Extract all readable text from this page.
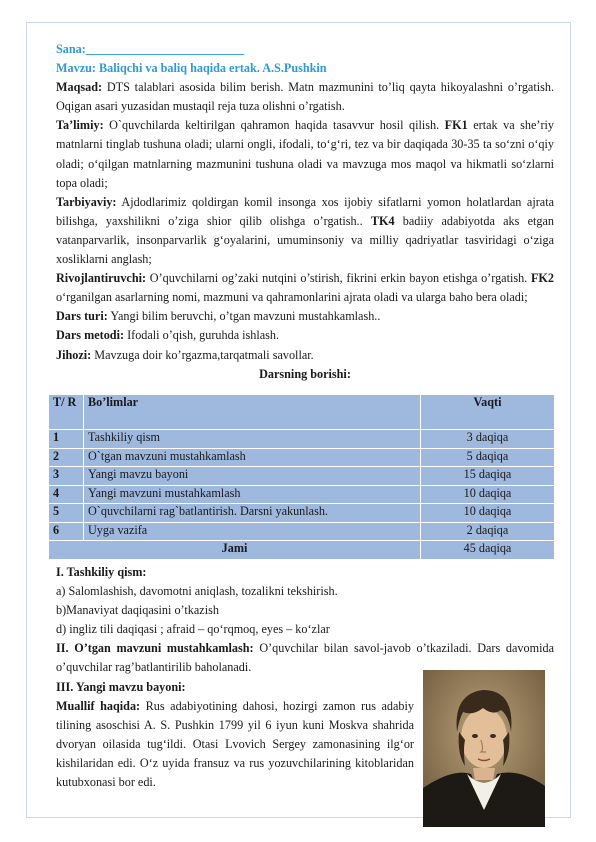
Sana:__________________________
Mavzu: Baliqchi va baliq haqida ertak. A.S.Pushkin

Maqsad: DTS talablari asosida bilim berish. Matn mazmunini to’liq qayta hikoyalashni o’rgatish. Oqigan asari yuzasidan mustaqil reja tuza olishni o’rgatish.

Ta’limiy: O`quvchilarda keltirilgan qahramon haqida tasavvur hosil qilish. FK1 ertak va she’riy matnlarni tinglab tushuna oladi; ularni ongli, ifodali, to‘g‘ri, tez va bir daqiqada 30-35 ta so‘zni o‘qiy oladi; o‘qilgan matnlarning mazmunini tushuna oladi va mavzuga mos maqol va hikmatli so‘zlarni topa oladi;

Tarbiyaviy: Ajdodlarimiz qoldirgan komil insonga xos ijobiy sifatlarni yomon holatlardan ajrata bilishga, yaxshilikni o’ziga shior qilib olishga o’rgatish.. TK4 badiiy adabiyotda aks etgan vatanparvarlik, insonparvarlik g‘oyalarini, umuminsoniy va milliy qadriyatlar tasviridagi o‘ziga xosliklarni anglash;

Rivojlantiruvchi: O’quvchilarni og’zaki nutqini o’stirish, fikrini erkin bayon etishga o’rgatish. FK2 o‘rganilgan asarlarning nomi, mazmuni va qahramonlarini ajrata oladi va ularga baho bera oladi;

Dars turi: Yangi bilim beruvchi, o’tgan mavzuni mustahkamlash..

Dars metodi: Ifodali o’qish, guruhda ishlash.

Jihozi: Mavzuga doir ko’rgazma,tarqatmali savollar.

Darsning borishi:
T/ R	Bo’limlar	Vaqti
1	Tashkiliy qism	3 daqiqa
2	O`tgan mavzuni mustahkamlash	5 daqiqa
3	Yangi mavzu bayoni	15 daqiqa
4	Yangi mavzuni mustahkamlash	10 daqiqa
5	O`quvchilarni rag`batlantirish. Darsni yakunlash.	10 daqiqa
6	Uyga vazifa	2 daqiqa
Jami		45 daqiqa
I. Tashkiliy qism:
a) Salomlashish, davomotni aniqlash, tozalikni tekshirish.
b)Manaviyat daqiqasini o’tkazish
d) ingliz tili daqiqasi ; afraid – qo‘rqmoq, eyes – ko‘zlar

II. O’tgan mavzuni mustahkamlash: O’quvchilar bilan savol-javob o’tkaziladi. Dars davomida o’quvchilar rag’batlantirilib baholanadi.

III. Yangi mavzu bayoni:

Muallif haqida: Rus adabiyotining dahosi, hozirgi zamon rus adabiy tilining asoschisi A. S. Pushkin 1799 yil 6 iyun kuni Moskva shahrida dvoryan oilasida tug‘ildi. Otasi Lvovich Sergey zamonasining ilg‘or kishilaridan edi. O‘z uyida fransuz va rus yozuvchilarining kitoblaridan kutubxonasi bor edi.
